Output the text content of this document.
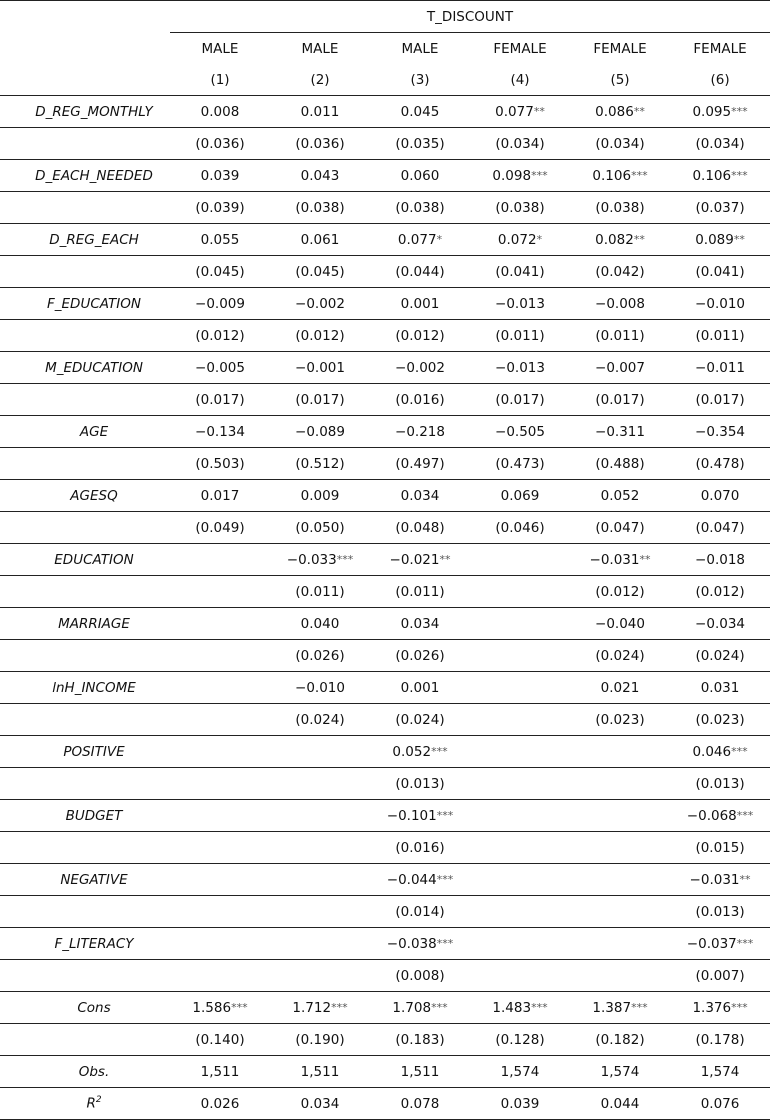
	T_DISCOUNT					
	MALE	MALE	MALE	FEMALE	FEMALE	FEMALE
	(1)	(2)	(3)	(4)	(5)	(6)
D_REG_MONTHLY	0.008	0.011	0.045	0.077**	0.086**	0.095***
	(0.036)	(0.036)	(0.035)	(0.034)	(0.034)	(0.034)
D_EACH_NEEDED	0.039	0.043	0.060	0.098***	0.106***	0.106***
	(0.039)	(0.038)	(0.038)	(0.038)	(0.038)	(0.037)
D_REG_EACH	0.055	0.061	0.077*	0.072*	0.082**	0.089**
	(0.045)	(0.045)	(0.044)	(0.041)	(0.042)	(0.041)
F_EDUCATION	−0.009	−0.002	0.001	−0.013	−0.008	−0.010
	(0.012)	(0.012)	(0.012)	(0.011)	(0.011)	(0.011)
M_EDUCATION	−0.005	−0.001	−0.002	−0.013	−0.007	−0.011
	(0.017)	(0.017)	(0.016)	(0.017)	(0.017)	(0.017)
AGE	−0.134	−0.089	−0.218	−0.505	−0.311	−0.354
	(0.503)	(0.512)	(0.497)	(0.473)	(0.488)	(0.478)
AGESQ	0.017	0.009	0.034	0.069	0.052	0.070
	(0.049)	(0.050)	(0.048)	(0.046)	(0.047)	(0.047)
EDUCATION		−0.033***	−0.021**		−0.031**	−0.018
		(0.011)	(0.011)		(0.012)	(0.012)
MARRIAGE		0.040	0.034		−0.040	−0.034
		(0.026)	(0.026)		(0.024)	(0.024)
lnH_INCOME		−0.010	0.001		0.021	0.031
		(0.024)	(0.024)		(0.023)	(0.023)
POSITIVE			0.052***			0.046***
			(0.013)			(0.013)
BUDGET			−0.101***			−0.068***
			(0.016)			(0.015)
NEGATIVE			−0.044***			−0.031**
			(0.014)			(0.013)
F_LITERACY			−0.038***			−0.037***
			(0.008)			(0.007)
Cons	1.586***	1.712***	1.708***	1.483***	1.387***	1.376***
	(0.140)	(0.190)	(0.183)	(0.128)	(0.182)	(0.178)
Obs.	1,511	1,511	1,511	1,574	1,574	1,574
$R^2$	0.026	0.034	0.078	0.039	0.044	0.076
